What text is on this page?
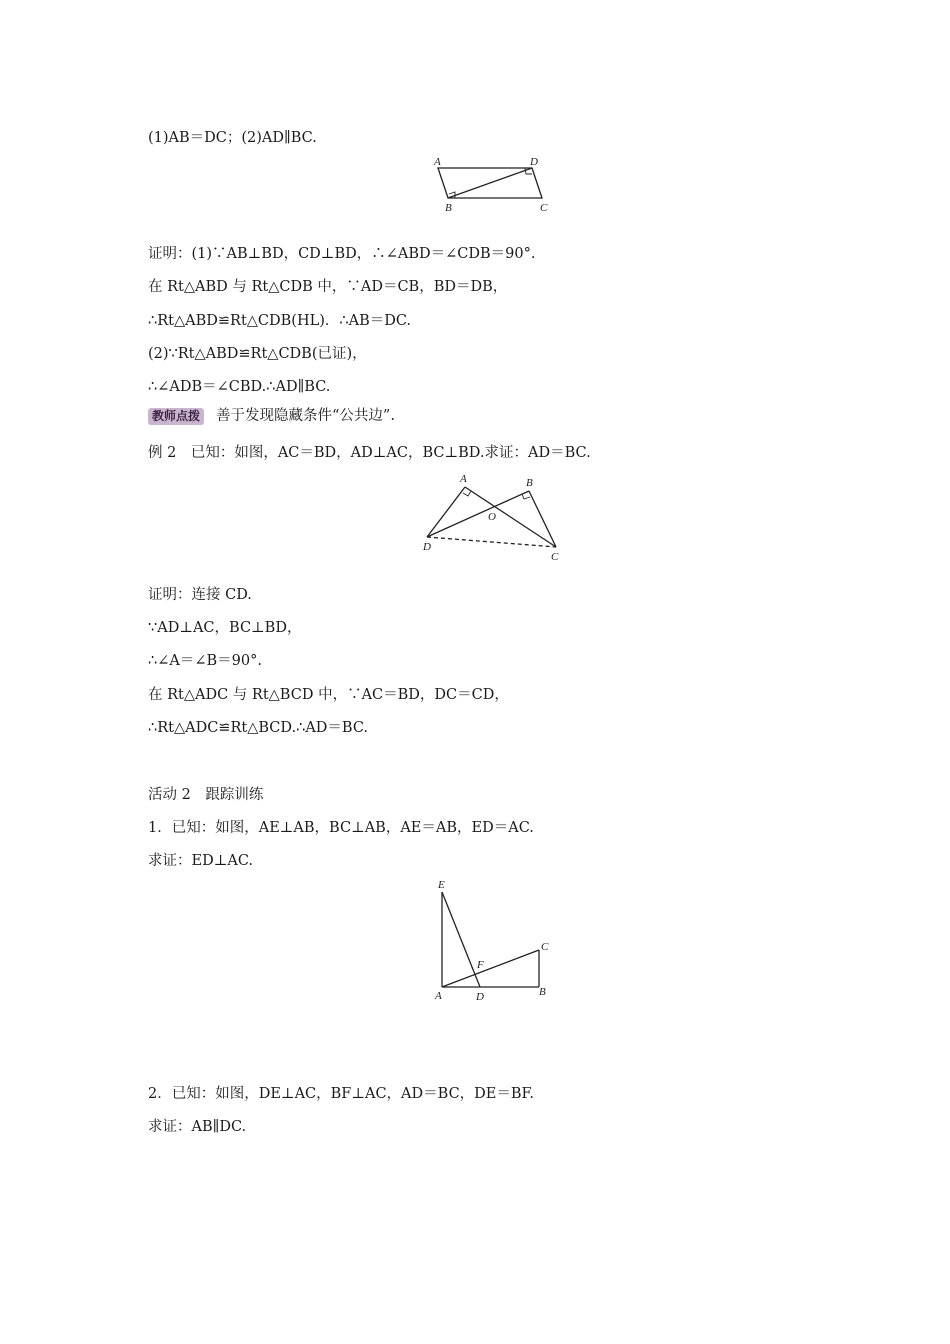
(1)AB＝DC；(2)AD∥BC.
A	D
B	C
证明：(1)∵AB⊥BD，CD⊥BD，∴∠ABD＝∠CDB＝90°.
在 Rt△ABD 与 Rt△CDB 中，∵AD＝CB，BD＝DB，
∴Rt△ABD≌Rt△CDB(HL)．∴AB＝DC.
(2)∵Rt△ABD≌Rt△CDB(已证)，
∴∠ADB＝∠CBD.∴AD∥BC.
教师点拨 善于发现隐藏条件“公共边”.
例 2　已知：如图，AC＝BD，AD⊥AC，BC⊥BD.求证：AD＝BC.
A	B
O
D
C
证明：连接 CD.
∵AD⊥AC，BC⊥BD，
∴∠A＝∠B＝90°.
在 Rt△ADC 与 Rt△BCD 中，∵AC＝BD，DC＝CD，
∴Rt△ADC≌Rt△BCD.∴AD＝BC.
活动 2　跟踪训练
1．已知：如图，AE⊥AB，BC⊥AB，AE＝AB，ED＝AC.
求证：ED⊥AC.
E
C
F
A	D	B
2．已知：如图，DE⊥AC，BF⊥AC，AD＝BC，DE＝BF.
求证：AB∥DC.
